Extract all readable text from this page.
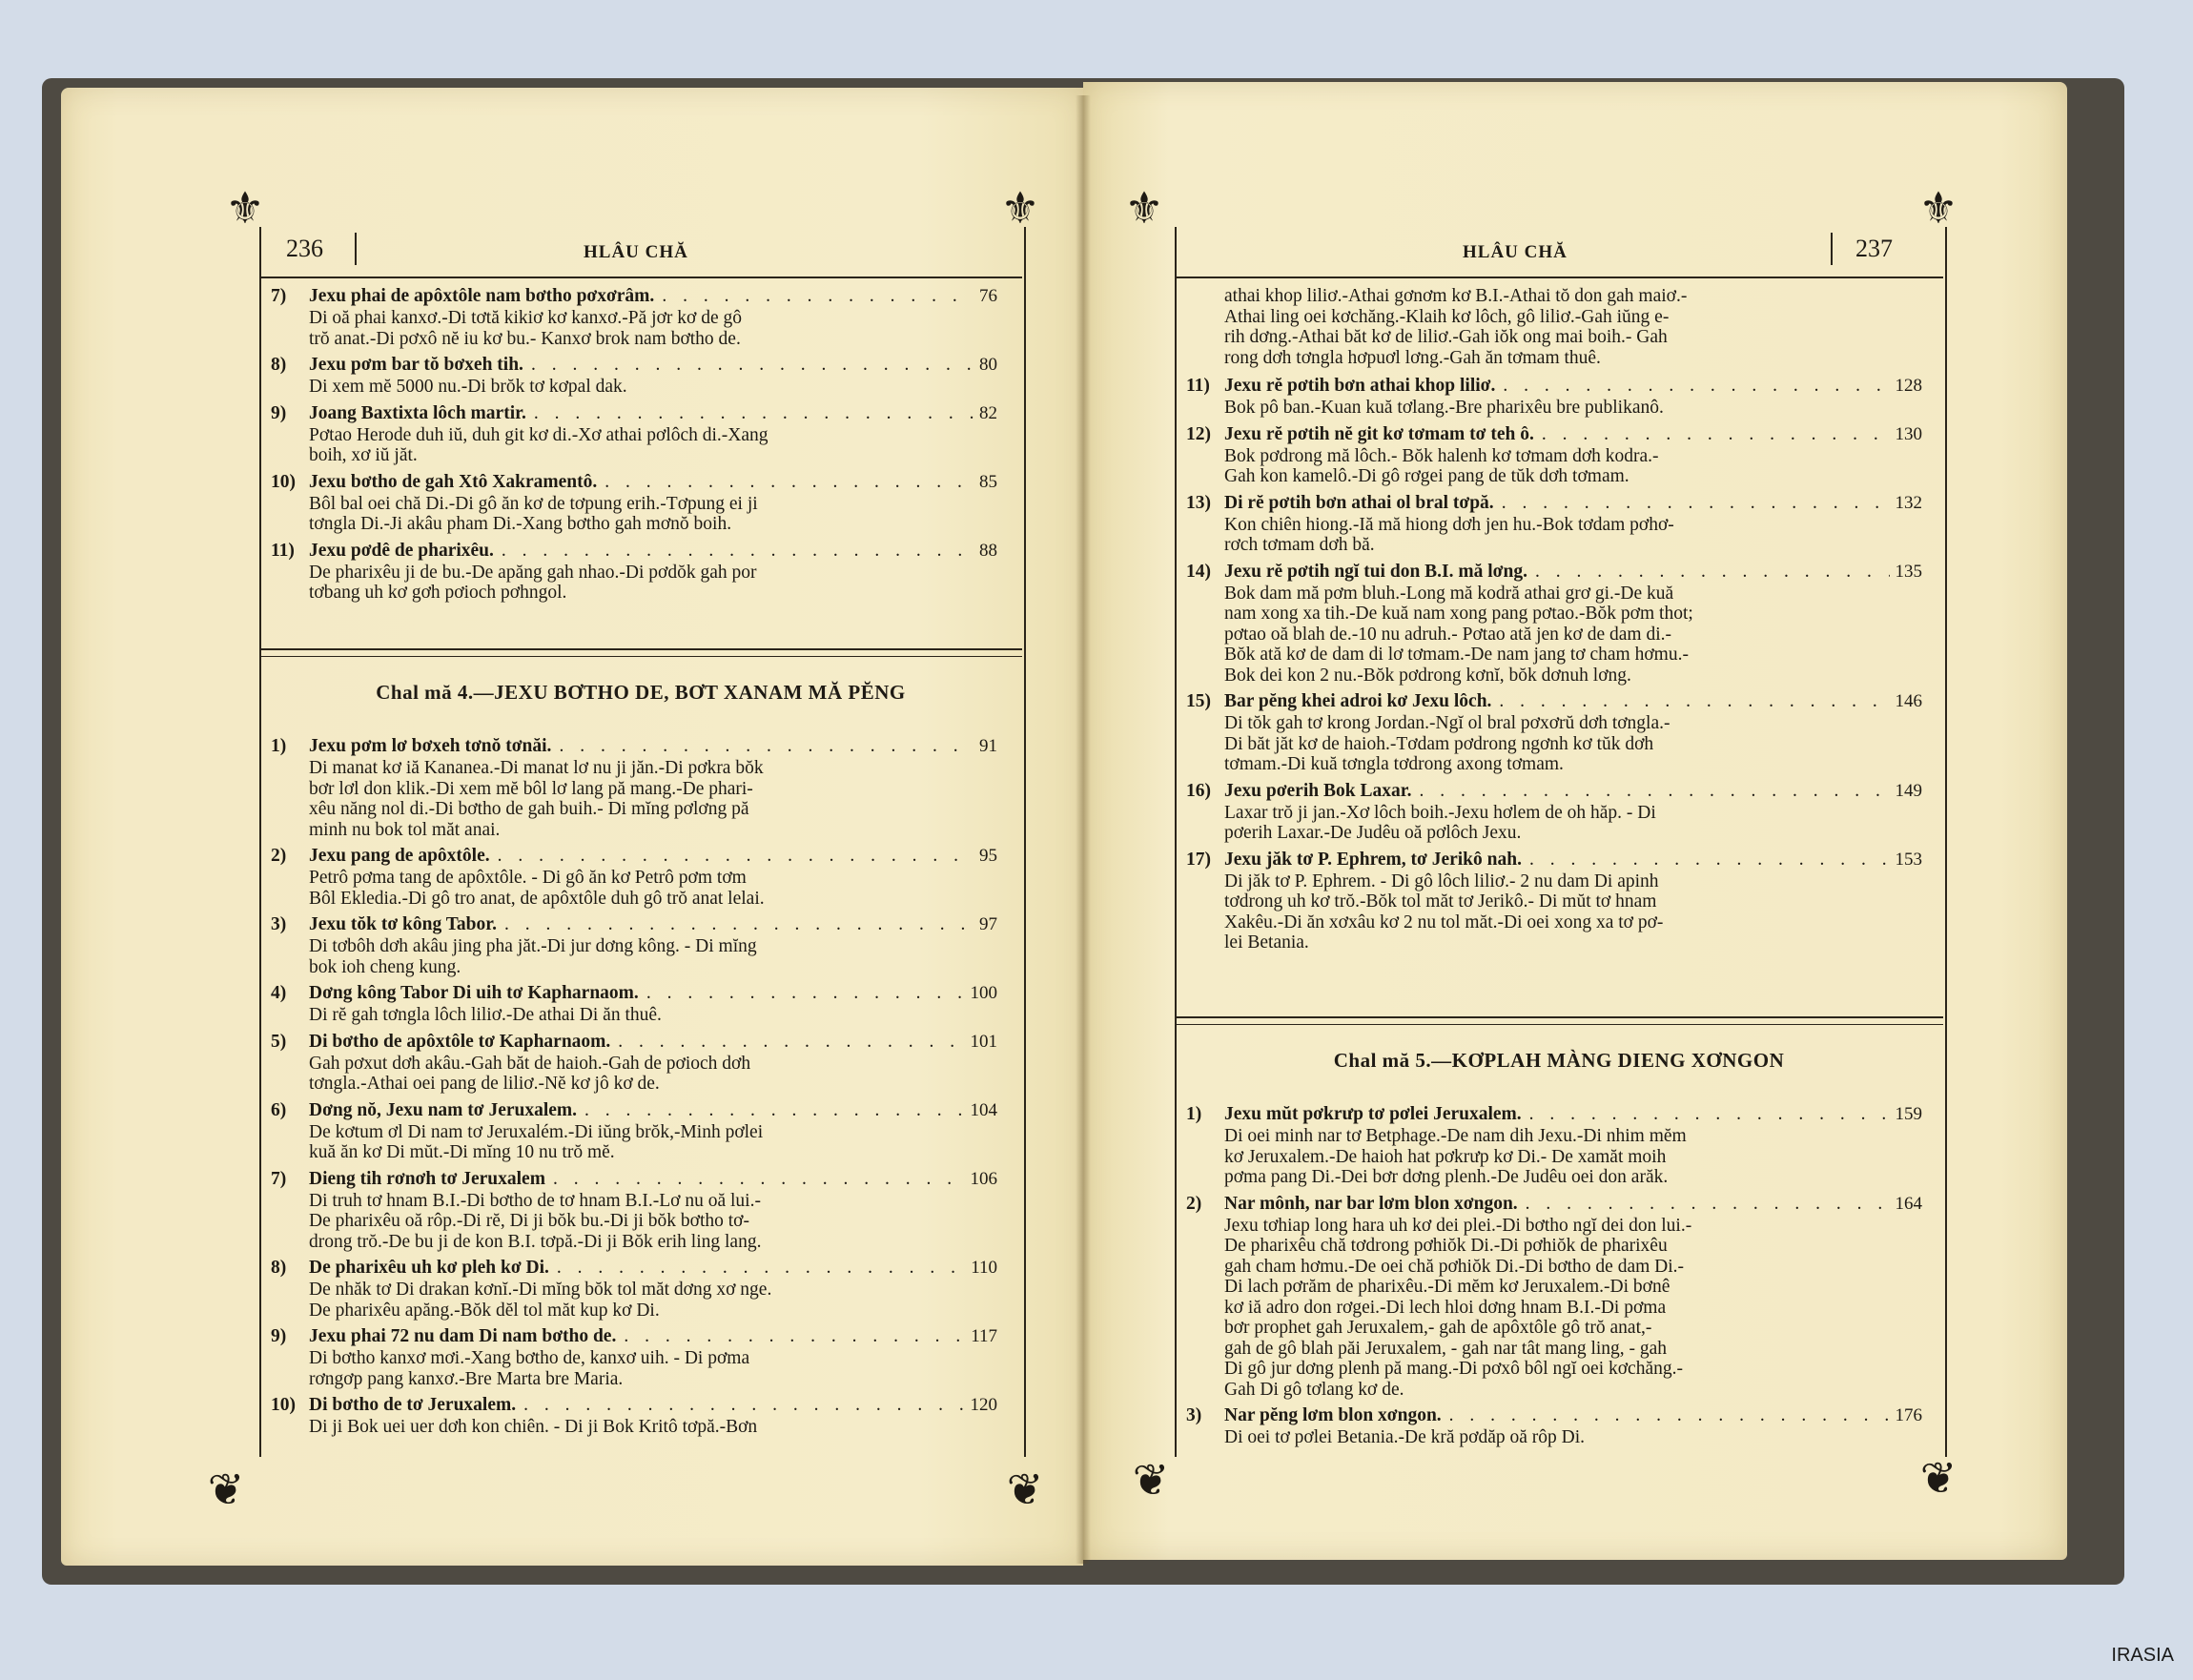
⚜	⚜
❦	❦
236	HLÂU CHĂ
7)	Jexu phai de apôxtôle nam bơtho pơxơrâm. . . .	76
Di oă phai kanxơ.-Di tơtă kikiơ kơ kanxơ.-Pă jơr kơ de gô
trŏ anat.-Di pơxô nĕ iu kơ bu.- Kanxơ brok nam bơtho de.
8)	Jexu pơm bar tŏ bơxeh tih. . . .	80
Di xem mĕ 5000 nu.-Di brŏk tơ kơpal dak.
9)	Joang Baxtixta lôch martir. . . .	82
Pơtao Herode duh iŭ, duh git kơ di.-Xơ athai pơlôch di.-Xang
boih, xơ iŭ jăt.
10) Jexu bơtho de gah Xtô Xakramentô. . . .	85
Bôl bal oei chă Di.-Di gô ăn kơ de tơpung erih.-Tơpung ei ji
tơngla Di.-Ji akâu pham Di.-Xang bơtho gah mơnŏ boih.
11) Jexu pơdê de pharixêu. . . .	88
De pharixêu ji de bu.-De apăng gah nhao.-Di pơdŏk gah por
tơbang uh kơ gơh pơioch pơhngol.
Chal mă 4.—JEXU BƠTHO DE, BƠT XANAM MĂ PĔNG
1)	Jexu pơm lơ bơxeh tơnŏ tơnăi. . . .	91
Di manat kơ iă Kananea.-Di manat lơ nu ji jăn.-Di pơkra bŏk
bơr lơl don klik.-Di xem mĕ bôl lơ lang pă mang.-De phari-
xêu năng nol di.-Di bơtho de gah buih.- Di mĭng pơlơng pă
minh nu bok tol măt anai.
2)	Jexu pang de apôxtôle. . . .	95
Petrô pơma tang de apôxtôle. - Di gô ăn kơ Petrô pơm tơm
Bôl Ekledia.-Di gô tro anat, de apôxtôle duh gô trŏ anat lelai.
3)	Jexu tŏk tơ kông Tabor. . . .	97
Di tơbôh dơh akâu jing pha jăt.-Di jur dơng kông. - Di mĭng
bok ioh cheng kung.
4)	Dơng kông Tabor Di uih tơ Kapharnaom. . . .	100
Di rĕ gah tơngla lôch liliơ.-De athai Di ăn thuê.
5)	Di bơtho de apôxtôle tơ Kapharnaom. . . .	101
Gah pơxut dơh akâu.-Gah băt de haioh.-Gah de pơioch dơh
tơngla.-Athai oei pang de liliơ.-Nĕ kơ jô kơ de.
6)	Dơng nŏ, Jexu nam tơ Jeruxalem. . . .	104
De kơtum ơl Di nam tơ Jeruxalém.-Di iŭng brŏk,-Minh pơlei
kuă ăn kơ Di mŭt.-Di mĭng 10 nu trŏ mĕ.
7)	Dieng tih rơnơh tơ Jeruxalem . . .	106
Di truh tơ hnam B.I.-Di bơtho de tơ hnam B.I.-Lơ nu oă lui.-
De pharixêu oă rôp.-Di rĕ, Di ji bŏk bu.-Di ji bŏk bơtho tơ-
drong trŏ.-De bu ji de kon B.I. tơpă.-Di ji Bŏk erih ling lang.
8)	De pharixêu uh kơ pleh kơ Di. . . .	110
De nhăk tơ Di drakan kơnĭ.-Di mĭng bŏk tol măt dơng xơ nge.
De pharixêu apăng.-Bŏk dĕl tol măt kup kơ Di.
9)	Jexu phai 72 nu dam Di nam bơtho de. . . .	117
Di bơtho kanxơ mơi.-Xang bơtho de, kanxơ uih. - Di pơma
rơngơp pang kanxơ.-Bre Marta bre Maria.
10) Di bơtho de tơ Jeruxalem. . . .	120
Di ji Bok uei uer dơh kon chiên. - Di ji Bok Kritô tơpă.-Bơn
⚜	⚜
❦	❦
HLÂU CHĂ	237
athai khop liliơ.-Athai gơnơm kơ B.I.-Athai tŏ don gah maiơ.-
Athai ling oei kơchăng.-Klaih kơ lôch, gô liliơ.-Gah iŭng e-
rih dơng.-Athai băt kơ de liliơ.-Gah iŏk ong mai boih.- Gah
rong dơh tơngla hơpuơl lơng.-Gah ăn tơmam thuê.
11) Jexu rĕ pơtih bơn athai khop liliơ. . . .	128
Bok pô ban.-Kuan kuă tơlang.-Bre pharixêu bre publikanô.
12) Jexu rĕ pơtih nĕ git kơ tơmam tơ teh ô. . . .	130
Bok pơdrong mă lôch.- Bŏk halenh kơ tơmam dơh kodra.-
Gah kon kamelô.-Di gô rơgei pang de tŭk dơh tơmam.
13) Di rĕ pơtih bơn athai ol bral tơpă. . . .	132
Kon chiên hiong.-Iă mă hiong dơh jen hu.-Bok tơdam pơhơ-
rơch tơmam dơh bă.
14) Jexu rĕ pơtih ngĭ tui don B.I. mă lơng. . . .	135
Bok dam mă pơm bluh.-Long mă kodră athai grơ gi.-De kuă
nam xong xa tih.-De kuă nam xong pang pơtao.-Bŏk pơm thot;
pơtao oă blah de.-10 nu adruh.- Pơtao ată jen kơ de dam di.-
Bŏk ată kơ de dam di lơ tơmam.-De nam jang tơ cham hơmu.-
Bok dei kon 2 nu.-Bŏk pơdrong kơnĭ, bŏk dơnuh lơng.
15) Bar pĕng khei adroi kơ Jexu lôch. . . .	146
Di tŏk gah tơ krong Jordan.-Ngĭ ol bral pơxơrŭ dơh tơngla.-
Di băt jăt kơ de haioh.-Tơdam pơdrong ngơnh kơ tŭk dơh
tơmam.-Di kuă tơngla tơdrong axong tơmam.
16) Jexu pơerih Bok Laxar. . . .	149
Laxar trŏ ji jan.-Xơ lôch boih.-Jexu hơlem de oh hăp. - Di
pơerih Laxar.-De Judêu oă pơlôch Jexu.
17) Jexu jăk tơ P. Ephrem, tơ Jerikô nah. . . .	153
Di jăk tơ P. Ephrem. - Di gô lôch liliơ.- 2 nu dam Di apinh
tơdrong uh kơ trŏ.-Bŏk tol măt tơ Jerikô.- Di mŭt tơ hnam
Xakêu.-Di ăn xơxâu kơ 2 nu tol măt.-Di oei xong xa tơ pơ-
lei Betania.
Chal mă 5.—KƠPLAH MÀNG DIENG XƠNGON
1)	Jexu mŭt pơkrưp tơ pơlei Jeruxalem. . . .	159
Di oei minh nar tơ Betphage.-De nam dih Jexu.-Di nhim mĕm
kơ Jeruxalem.-De haioh hat pơkrưp kơ Di.- De xamăt moih
pơma pang Di.-Dei bơr dơng plenh.-De Judêu oei don arăk.
2)	Nar mônh, nar bar lơm blon xơngon. . . .	164
Jexu tơhiap long hara uh kơ dei plei.-Di bơtho ngĭ dei don lui.-
De pharixêu chă tơdrong pơhiŏk Di.-Di pơhiŏk de pharixêu
gah cham hơmu.-De oei chă pơhiŏk Di.-Di bơtho de dam Di.-
Di lach pơrăm de pharixêu.-Di mĕm kơ Jeruxalem.-Di bơnê
kơ iă adro don rơgei.-Di lech hloi dơng hnam B.I.-Di pơma
bơr prophet gah Jeruxalem,- gah de apôxtôle gô trŏ anat,-
gah de gô blah păi Jeruxalem, - gah nar tât mang ling, - gah
Di gô jur dơng plenh pă mang.-Di pơxô bôl ngĭ oei kơchăng.-
Gah Di gô tơlang kơ de.
3)	Nar pĕng lơm blon xơngon. . . .	176
Di oei tơ pơlei Betania.-De kră pơdăp oă rôp Di.
IRASIA
